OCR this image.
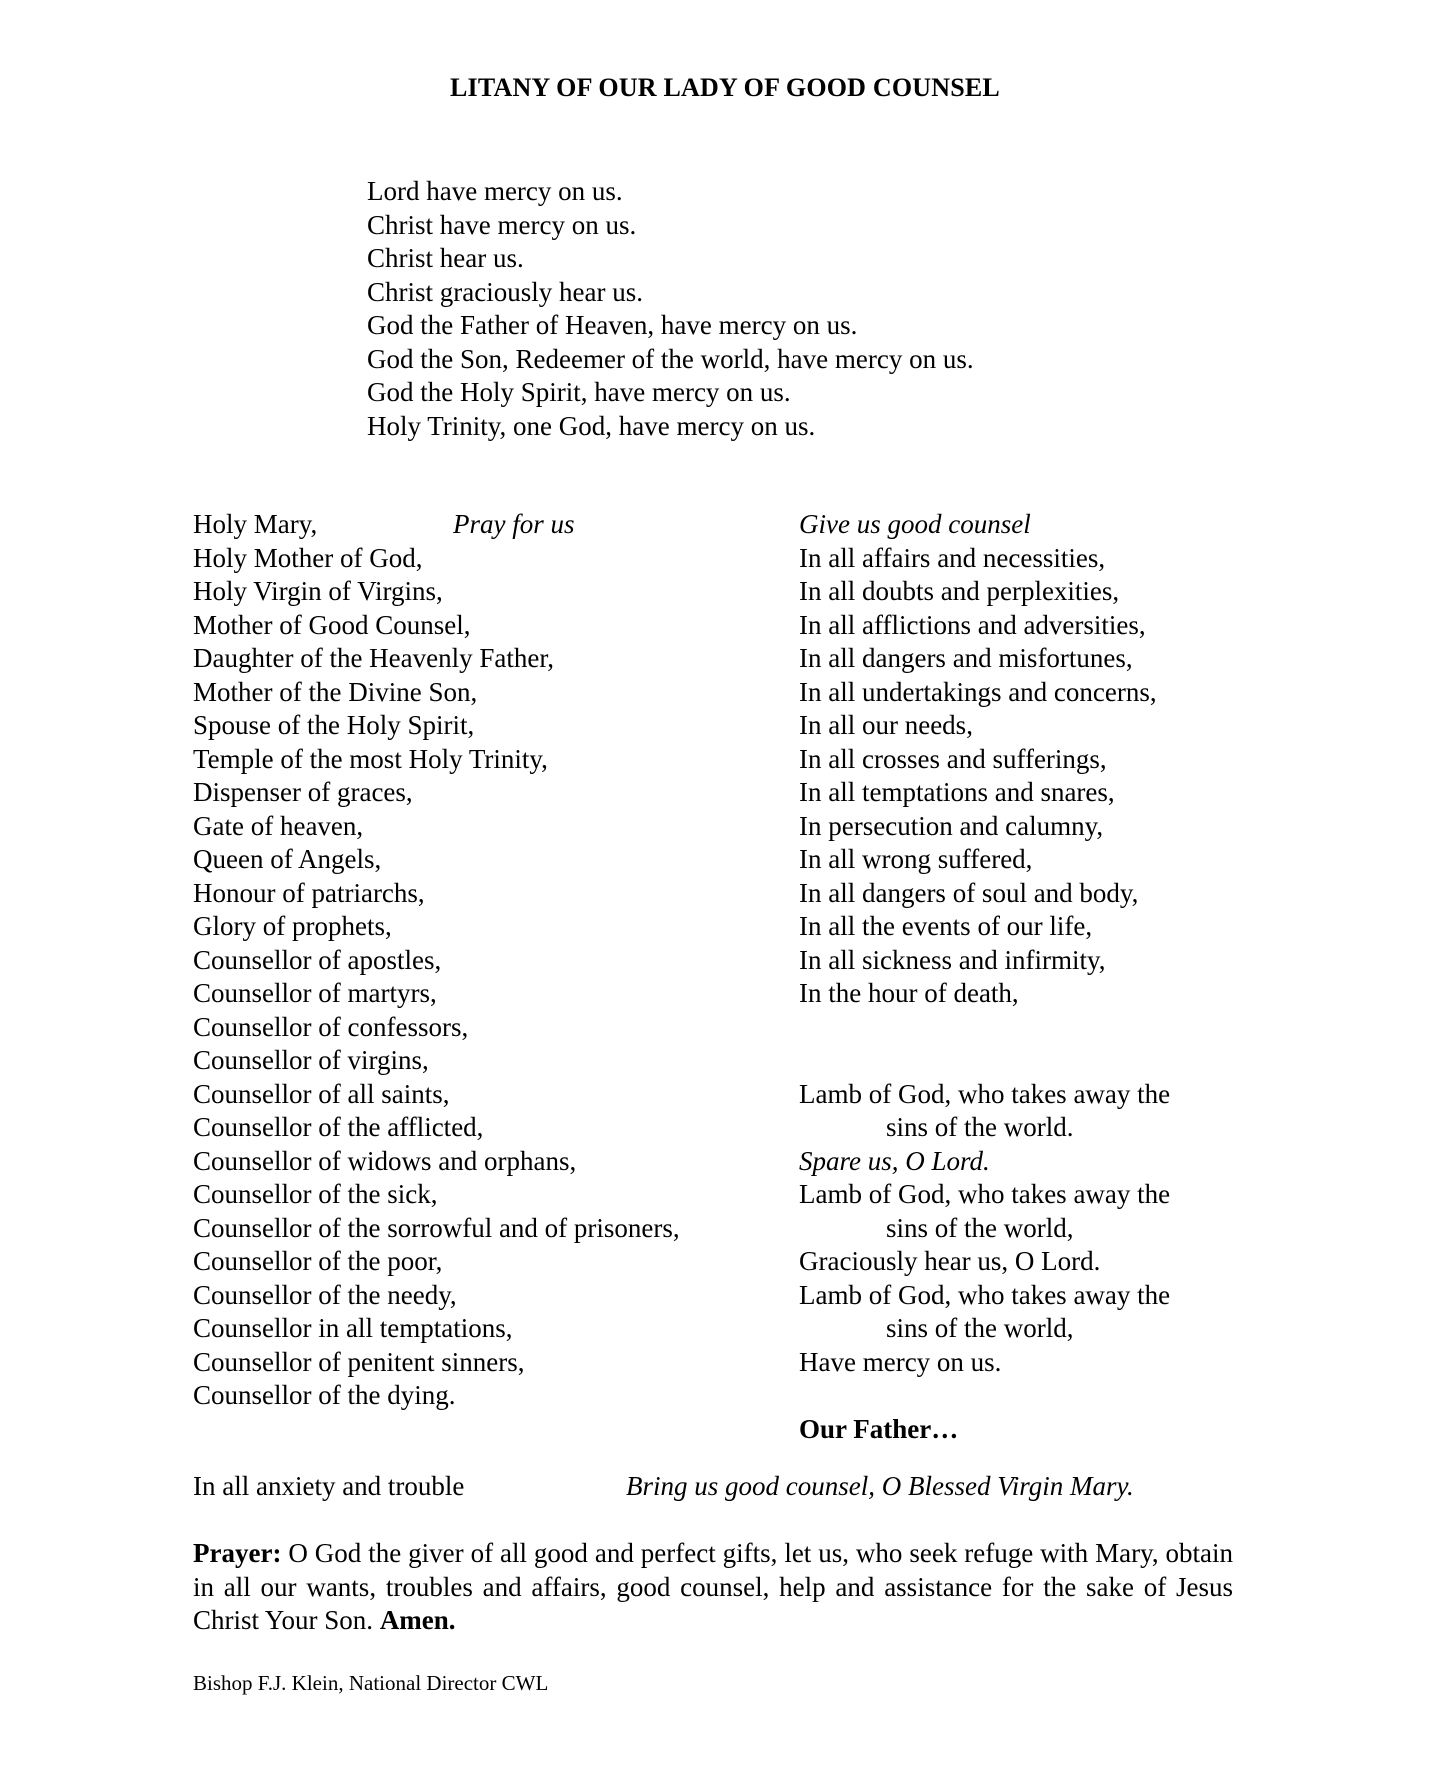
LITANY OF OUR LADY OF GOOD COUNSEL
Lord have mercy on us.
Christ have mercy on us.
Christ hear us.
Christ graciously hear us.
God the Father of Heaven, have mercy on us.
God the Son, Redeemer of the world, have mercy on us.
God the Holy Spirit, have mercy on us.
Holy Trinity, one God, have mercy on us.
Holy Mary,
Holy Mother of God,
Holy Virgin of Virgins,
Mother of Good Counsel,
Daughter of the Heavenly Father,
Mother of the Divine Son,
Spouse of the Holy Spirit,
Temple of the most Holy Trinity,
Dispenser of graces,
Gate of heaven,
Queen of Angels,
Honour of patriarchs,
Glory of prophets,
Counsellor of apostles,
Counsellor of martyrs,
Counsellor of confessors,
Counsellor of virgins,
Counsellor of all saints,
Counsellor of the afflicted,
Counsellor of widows and orphans,
Counsellor of the sick,
Counsellor of the sorrowful and of prisoners,
Counsellor of the poor,
Counsellor of the needy,
Counsellor in all temptations,
Counsellor of penitent sinners,
Counsellor of the dying.
Pray for us	Give us good counsel
In all affairs and necessities,
In all doubts and perplexities,
In all afflictions and adversities,
In all dangers and misfortunes,
In all undertakings and concerns,
In all our needs,
In all crosses and sufferings,
In all temptations and snares,
In persecution and calumny,
In all wrong suffered,
In all dangers of soul and body,
In all the events of our life,
In all sickness and infirmity,
In the hour of death,
Lamb of God, who takes away the
sins of the world.
Spare us, O Lord.
Lamb of God, who takes away the
sins of the world,
Graciously hear us, O Lord.
Lamb of God, who takes away the
sins of the world,
Have mercy on us.
Our Father…
In all anxiety and trouble	Bring us good counsel, O Blessed Virgin Mary.
Prayer: O God the giver of all good and perfect gifts, let us, who seek refuge with Mary, obtain in all our wants, troubles and affairs, good counsel, help and assistance for the sake of Jesus Christ Your Son. Amen.
Bishop F.J. Klein, National Director CWL
